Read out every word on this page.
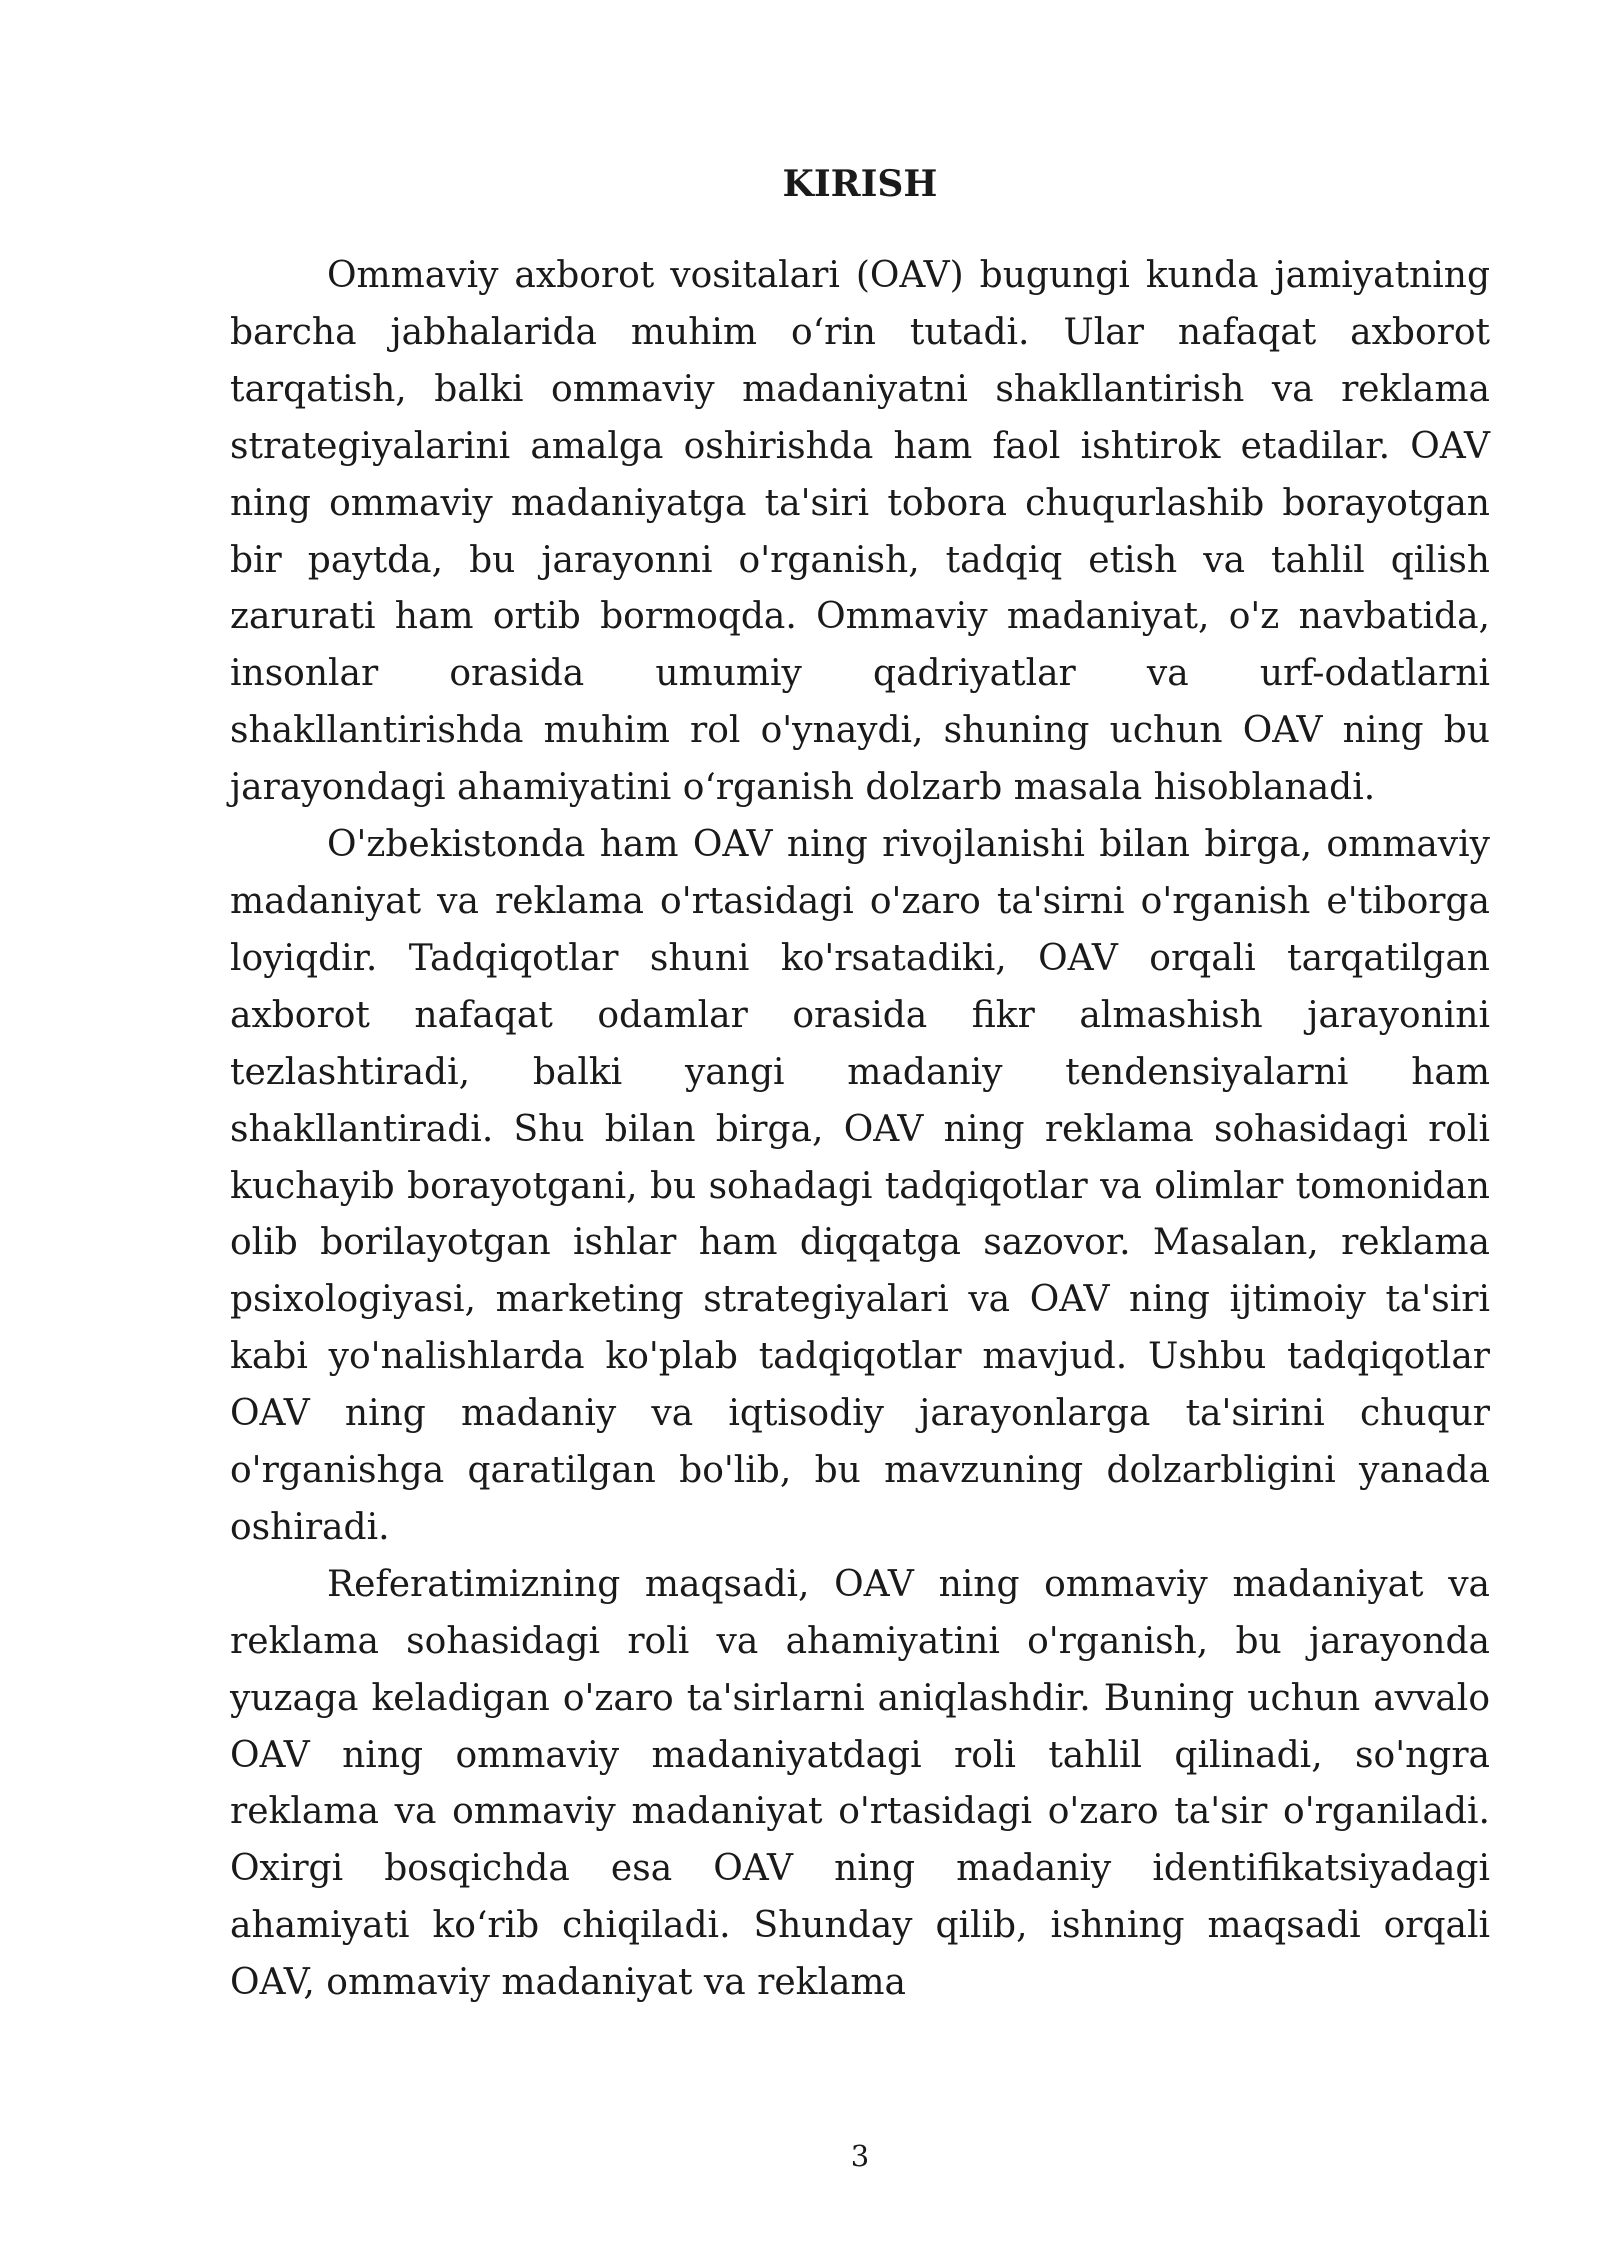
KIRISH

Ommaviy axborot vositalari (OAV) bugungi kunda jamiyatning barcha jabhalarida muhim o‘rin tutadi. Ular nafaqat axborot tarqatish, balki ommaviy madaniyatni shakllantirish va reklama strategiyalarini amalga oshirishda ham faol ishtirok etadilar. OAV ning ommaviy madaniyatga ta'siri tobora chuqurlashib borayotgan bir paytda, bu jarayonni o'rganish, tadqiq etish va tahlil qilish zarurati ham ortib bormoqda. Ommaviy madaniyat, o'z navbatida, insonlar orasida umumiy qadriyatlar va urf-odatlarni shakllantirishda muhim rol o'ynaydi, shuning uchun OAV ning bu jarayondagi ahamiyatini o‘rganish dolzarb masala hisoblanadi.

O'zbekistonda ham OAV ning rivojlanishi bilan birga, ommaviy madaniyat va reklama o'rtasidagi o'zaro ta'sirni o'rganish e'tiborga loyiqdir. Tadqiqotlar shuni ko'rsatadiki, OAV orqali tarqatilgan axborot nafaqat odamlar orasida fikr almashish jarayonini tezlashtiradi, balki yangi madaniy tendensiyalarni ham shakllantiradi. Shu bilan birga, OAV ning reklama sohasidagi roli kuchayib borayotgani, bu sohadagi tadqiqotlar va olimlar tomonidan olib borilayotgan ishlar ham diqqatga sazovor. Masalan, reklama psixologiyasi, marketing strategiyalari va OAV ning ijtimoiy ta'siri kabi yo'nalishlarda ko'plab tadqiqotlar mavjud. Ushbu tadqiqotlar OAV ning madaniy va iqtisodiy jarayonlarga ta'sirini chuqur o'rganishga qaratilgan bo'lib, bu mavzuning dolzarbligini yanada oshiradi.

Referatimizning maqsadi, OAV ning ommaviy madaniyat va reklama sohasidagi roli va ahamiyatini o'rganish, bu jarayonda yuzaga keladigan o'zaro ta'sirlarni aniqlashdir. Buning uchun avvalo OAV ning ommaviy madaniyatdagi roli tahlil qilinadi, so'ngra reklama va ommaviy madaniyat o'rtasidagi o'zaro ta'sir o'rganiladi. Oxirgi bosqichda esa OAV ning madaniy identifikatsiyadagi ahamiyati ko‘rib chiqiladi. Shunday qilib, ishning maqsadi orqali OAV, ommaviy madaniyat va reklama

3
